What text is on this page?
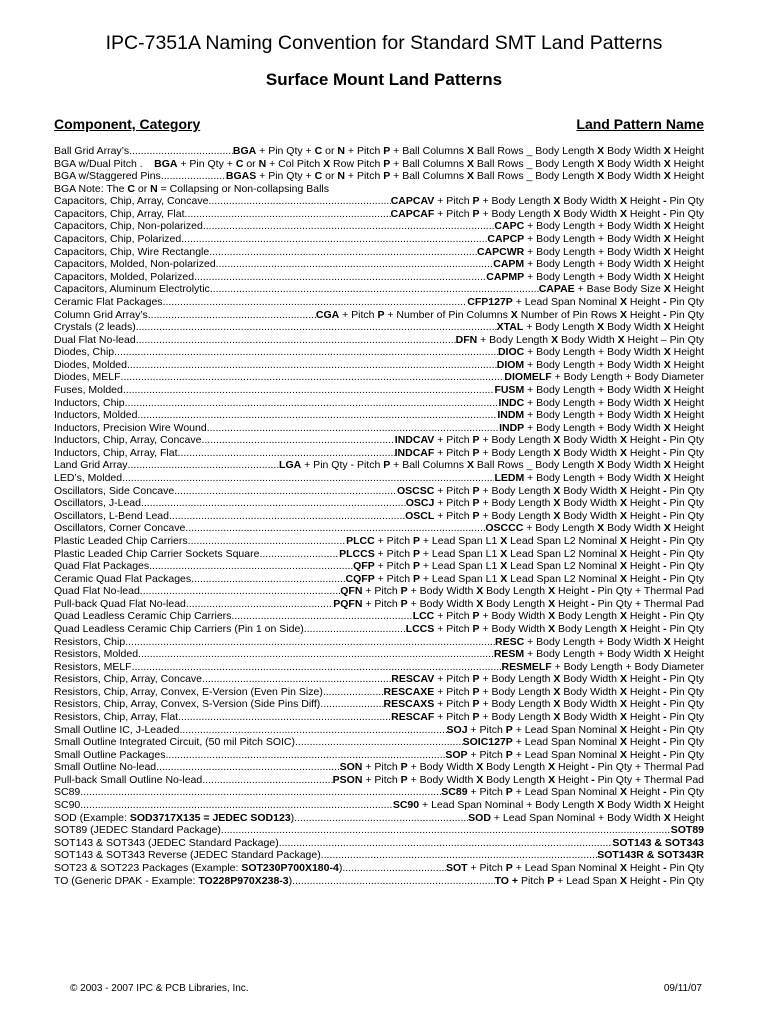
IPC-7351A Naming Convention for Standard SMT Land Patterns
Surface Mount Land Patterns
Component, Category	Land Pattern Name
Ball Grid Array’s .....	BGA + Pin Qty + C or N + Pitch P + Ball Columns X Ball Rows _ Body Length X Body Width X Height
BGA w/Dual Pitch . BGA + Pin Qty + C or N + Col Pitch X Row Pitch P + Ball Columns X Ball Rows _ Body Length X Body Width X Height
BGA w/Staggered Pins .....	BGAS + Pin Qty + C or N + Pitch P + Ball Columns X Ball Rows _ Body Length X Body Width X Height
BGA Note: The C or N = Collapsing or Non-collapsing Balls
Capacitors, Chip, Array, Concave .....	CAPCAV + Pitch P + Body Length X Body Width X Height - Pin Qty
Capacitors, Chip, Array, Flat .....	CAPCAF + Pitch P + Body Length X Body Width X Height - Pin Qty
Capacitors, Chip, Non-polarized .....	CAPC + Body Length + Body Width X Height
Capacitors, Chip, Polarized .....	CAPCP + Body Length + Body Width X Height
Capacitors, Chip, Wire Rectangle .....	CAPCWR + Body Length + Body Width X Height
Capacitors, Molded, Non-polarized .....	CAPM + Body Length + Body Width X Height
Capacitors, Molded, Polarized .....	CAPMP + Body Length + Body Width X Height
Capacitors, Aluminum Electrolytic .....	CAPAE + Base Body Size X Height
Ceramic Flat Packages .....	CFP127P + Lead Span Nominal X Height - Pin Qty
Column Grid Array’s .....	CGA + Pitch P + Number of Pin Columns X Number of Pin Rows X Height - Pin Qty
Crystals (2 leads) .....	XTAL + Body Length X Body Width X Height
Dual Flat No-lead .....	DFN + Body Length X Body Width X Height – Pin Qty
Diodes, Chip .....	DIOC + Body Length + Body Width X Height
Diodes, Molded .....	DIOM + Body Length + Body Width X Height
Diodes, MELF .....	DIOMELF + Body Length + Body Diameter
Fuses, Molded .....	FUSM + Body Length + Body Width X Height
Inductors, Chip .....	INDC + Body Length + Body Width X Height
Inductors, Molded .....	INDM + Body Length + Body Width X Height
Inductors, Precision Wire Wound .....	INDP + Body Length + Body Width X Height
Inductors, Chip, Array, Concave .....	INDCAV + Pitch P + Body Length X Body Width X Height - Pin Qty
Inductors, Chip, Array, Flat .....	INDCAF + Pitch P + Body Length X Body Width X Height - Pin Qty
Land Grid Array .....	LGA + Pin Qty - Pitch P + Ball Columns X Ball Rows _ Body Length X Body Width X Height
LED’s, Molded .....	LEDM + Body Length + Body Width X Height
Oscillators, Side Concave .....	OSCSC + Pitch P + Body Length X Body Width X Height - Pin Qty
Oscillators, J-Lead .....	OSCJ + Pitch P + Body Length X Body Width X Height - Pin Qty
Oscillators, L-Bend Lead .....	OSCL + Pitch P + Body Length X Body Width X Height - Pin Qty
Oscillators, Corner Concave .....	OSCCC + Body Length X Body Width X Height
Plastic Leaded Chip Carriers .....	PLCC + Pitch P + Lead Span L1 X Lead Span L2 Nominal X Height - Pin Qty
Plastic Leaded Chip Carrier Sockets Square .....	PLCCS + Pitch P + Lead Span L1 X Lead Span L2 Nominal X Height - Pin Qty
Quad Flat Packages .....	QFP + Pitch P + Lead Span L1 X Lead Span L2 Nominal X Height - Pin Qty
Ceramic Quad Flat Packages .....	CQFP + Pitch P + Lead Span L1 X Lead Span L2 Nominal X Height - Pin Qty
Quad Flat No-lead .....	QFN + Pitch P + Body Width X Body Length X Height - Pin Qty + Thermal Pad
Pull-back Quad Flat No-lead .....	PQFN + Pitch P + Body Width X Body Length X Height - Pin Qty + Thermal Pad
Quad Leadless Ceramic Chip Carriers .....	LCC + Pitch P + Body Width X Body Length X Height - Pin Qty
Quad Leadless Ceramic Chip Carriers (Pin 1 on Side) .....	LCCS + Pitch P + Body Width X Body Length X Height - Pin Qty
Resistors, Chip .....	RESC + Body Length + Body Width X Height
Resistors, Molded .....	RESM + Body Length + Body Width X Height
Resistors, MELF .....	RESMELF + Body Length + Body Diameter
Resistors, Chip, Array, Concave .....	RESCAV + Pitch P + Body Length X Body Width X Height - Pin Qty
Resistors, Chip, Array, Convex, E-Version (Even Pin Size) .....	RESCAXE + Pitch P + Body Length X Body Width X Height - Pin Qty
Resistors, Chip, Array, Convex, S-Version (Side Pins Diff) .....	RESCAXS + Pitch P + Body Length X Body Width X Height - Pin Qty
Resistors, Chip, Array, Flat .....	RESCAF + Pitch P + Body Length X Body Width X Height - Pin Qty
Small Outline IC, J-Leaded .....	SOJ + Pitch P + Lead Span Nominal X Height - Pin Qty
Small Outline Integrated Circuit, (50 mil Pitch SOIC) .....	SOIC127P + Lead Span Nominal X Height - Pin Qty
Small Outline Packages .....	SOP + Pitch P + Lead Span Nominal X Height - Pin Qty
Small Outline No-lead .....	SON + Pitch P + Body Width X Body Length X Height - Pin Qty + Thermal Pad
Pull-back Small Outline No-lead .....	PSON + Pitch P + Body Width X Body Length X Height - Pin Qty + Thermal Pad
SC89 .....	SC89 + Pitch P + Lead Span Nominal X Height - Pin Qty
SC90 .....	SC90 + Lead Span Nominal + Body Length X Body Width X Height
SOD (Example: SOD3717X135 = JEDEC SOD123) .....	SOD + Lead Span Nominal + Body Width X Height
SOT89 (JEDEC Standard Package) .....	SOT89
SOT143 & SOT343 (JEDEC Standard Package) .....	SOT143 & SOT343
SOT143 & SOT343 Reverse (JEDEC Standard Package) .....	SOT143R & SOT343R
SOT23 & SOT223 Packages (Example: SOT230P700X180-4) .....	SOT + Pitch P + Lead Span Nominal X Height - Pin Qty
TO (Generic DPAK - Example: TO228P970X238-3) .....	TO + Pitch P + Lead Span X Height - Pin Qty
© 2003 - 2007 IPC & PCB Libraries, Inc.	09/11/07
